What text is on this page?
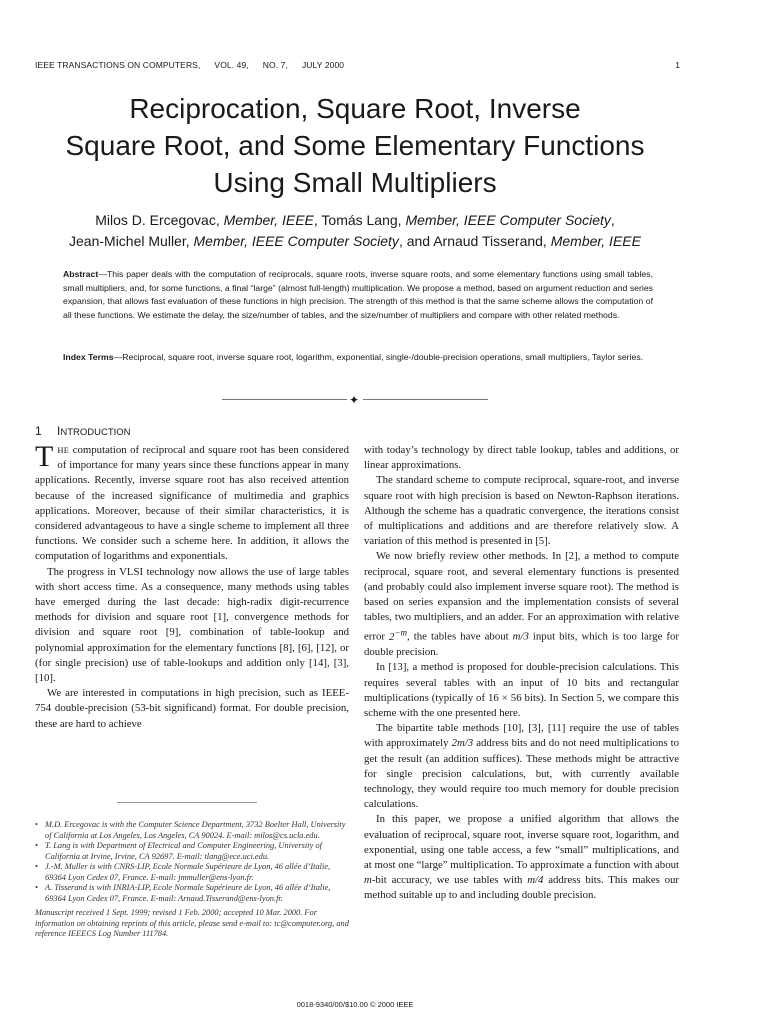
IEEE TRANSACTIONS ON COMPUTERS, VOL. 49, NO. 7, JULY 2000	1
Reciprocation, Square Root, Inverse
Square Root, and Some Elementary Functions
Using Small Multipliers
Milos D. Ercegovac, Member, IEEE, Tomás Lang, Member, IEEE Computer Society,
Jean-Michel Muller, Member, IEEE Computer Society, and Arnaud Tisserand, Member, IEEE
Abstract—This paper deals with the computation of reciprocals, square roots, inverse square roots, and some elementary functions using small tables, small multipliers, and, for some functions, a final “large” (almost full-length) multiplication. We propose a method, based on argument reduction and series expansion, that allows fast evaluation of these functions in high precision. The strength of this method is that the same scheme allows the computation of all these functions. We estimate the delay, the size/number of tables, and the size/number of multipliers and compare with other related methods.
Index Terms—Reciprocal, square root, inverse square root, logarithm, exponential, single-/double-precision operations, small multipliers, Taylor series.
✦
1 INTRODUCTION

THE computation of reciprocal and square root has been considered of importance for many years since these functions appear in many applications. Recently, inverse square root has also received attention because of the increased significance of multimedia and graphics applications. Moreover, because of their similar characteristics, it is considered advantageous to have a single scheme to implement all three functions. We consider such a scheme here. In addition, it allows the computation of logarithms and exponentials.

The progress in VLSI technology now allows the use of large tables with short access time. As a consequence, many methods using tables have emerged during the last decade: high-radix digit-recurrence methods for division and square root [1], convergence methods for division and square root [9], combination of table-lookup and polynomial approximation for the elementary functions [8], [6], [12], or (for single precision) use of table-lookups and addition only [14], [3], [10].

We are interested in computations in high precision, such as IEEE-754 double-precision (53-bit significand) format. For double precision, these are hard to achieve

• M.D. Ercegovac is with the Computer Science Department, 3732 Boelter Hall, University of California at Los Angeles, Los Angeles, CA 90024. E-mail: milos@cs.ucla.edu.
• T. Lang is with Department of Electrical and Computer Engineering, University of California at Irvine, Irvine, CA 92697. E-mail: tlang@ece.uci.edu.
• J.-M. Muller is with CNRS-LIP, Ecole Normale Supérieure de Lyon, 46 allée d’Italie, 69364 Lyon Cedex 07, France. E-mail: jmmuller@ens-lyon.fr.
• A. Tisserand is with INRIA-LIP, Ecole Normale Supérieure de Lyon, 46 allée d’Italie, 69364 Lyon Cedex 07, France. E-mail: Arnaud.Tisserand@ens-lyon.fr.
Manuscript received 1 Sept. 1999; revised 1 Feb. 2000; accepted 10 Mar. 2000. For information on obtaining reprints of this article, please send e-mail to: tc@computer.org, and reference IEEECS Log Number 111784.

with today’s technology by direct table lookup, tables and additions, or linear approximations.

The standard scheme to compute reciprocal, square-root, and inverse square root with high precision is based on Newton-Raphson iterations. Although the scheme has a quadratic convergence, the iterations consist of multiplications and additions and are therefore relatively slow. A variation of this method is presented in [5].

We now briefly review other methods. In [2], a method to compute reciprocal, square root, and several elementary functions is presented (and probably could also implement inverse square root). The method is based on series expansion and the implementation consists of several tables, two multipliers, and an adder. For an approximation with relative error $2^{-m}$, the tables have about m/3 input bits, which is too large for double precision.

In [13], a method is proposed for double-precision calculations. This requires several tables with an input of 10 bits and rectangular multiplications (typically of 16 × 56 bits). In Section 5, we compare this scheme with the one presented here.

The bipartite table methods [10], [3], [11] require the use of tables with approximately 2m/3 address bits and do not need multiplications to get the result (an addition suffices). These methods might be attractive for single precision calculations, but, with currently available technology, they would require too much memory for double precision calculations.

In this paper, we propose a unified algorithm that allows the evaluation of reciprocal, square root, inverse square root, logarithm, and exponential, using one table access, a few “small” multiplications, and at most one “large” multiplication. To approximate a function with about m-bit accuracy, we use tables with m/4 address bits. This makes our method suitable up to and including double precision.

0018-9340/00/$10.00 © 2000 IEEE
